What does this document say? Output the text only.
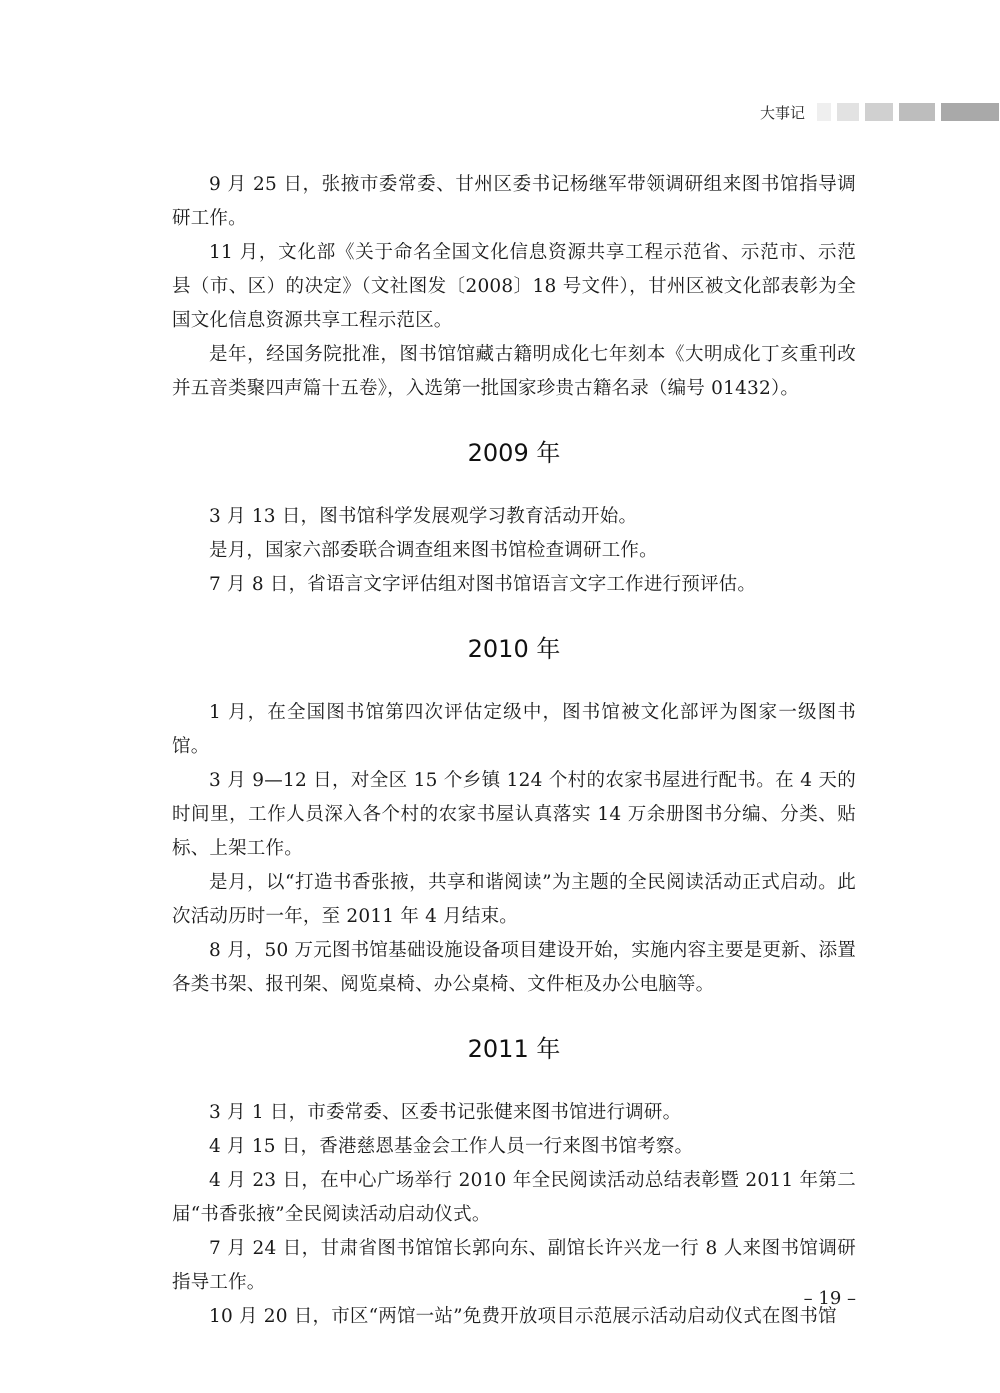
大事记

9 月 25 日，张掖市委常委、甘州区委书记杨继军带领调研组来图书馆指导调研工作。

11 月，文化部《关于命名全国文化信息资源共享工程示范省、示范市、示范县（市、区）的决定》（文社图发〔2008〕18 号文件），甘州区被文化部表彰为全国文化信息资源共享工程示范区。

是年，经国务院批准，图书馆馆藏古籍明成化七年刻本《大明成化丁亥重刊改并五音类聚四声篇十五卷》，入选第一批国家珍贵古籍名录（编号 01432）。

2009 年

3 月 13 日，图书馆科学发展观学习教育活动开始。

是月，国家六部委联合调查组来图书馆检查调研工作。

7 月 8 日，省语言文字评估组对图书馆语言文字工作进行预评估。

2010 年

1 月，在全国图书馆第四次评估定级中，图书馆被文化部评为图家一级图书馆。

3 月 9—12 日，对全区 15 个乡镇 124 个村的农家书屋进行配书。在 4 天的时间里，工作人员深入各个村的农家书屋认真落实 14 万余册图书分编、分类、贴标、上架工作。

是月，以“打造书香张掖，共享和谐阅读”为主题的全民阅读活动正式启动。此次活动历时一年，至 2011 年 4 月结束。

8 月，50 万元图书馆基础设施设备项目建设开始，实施内容主要是更新、添置各类书架、报刊架、阅览桌椅、办公桌椅、文件柜及办公电脑等。

2011 年

3 月 1 日，市委常委、区委书记张健来图书馆进行调研。

4 月 15 日，香港慈恩基金会工作人员一行来图书馆考察。

4 月 23 日，在中心广场举行 2010 年全民阅读活动总结表彰暨 2011 年第二届“书香张掖”全民阅读活动启动仪式。

7 月 24 日，甘肃省图书馆馆长郭向东、副馆长许兴龙一行 8 人来图书馆调研指导工作。

10 月 20 日，市区“两馆一站”免费开放项目示范展示活动启动仪式在图书馆

– 19 –
